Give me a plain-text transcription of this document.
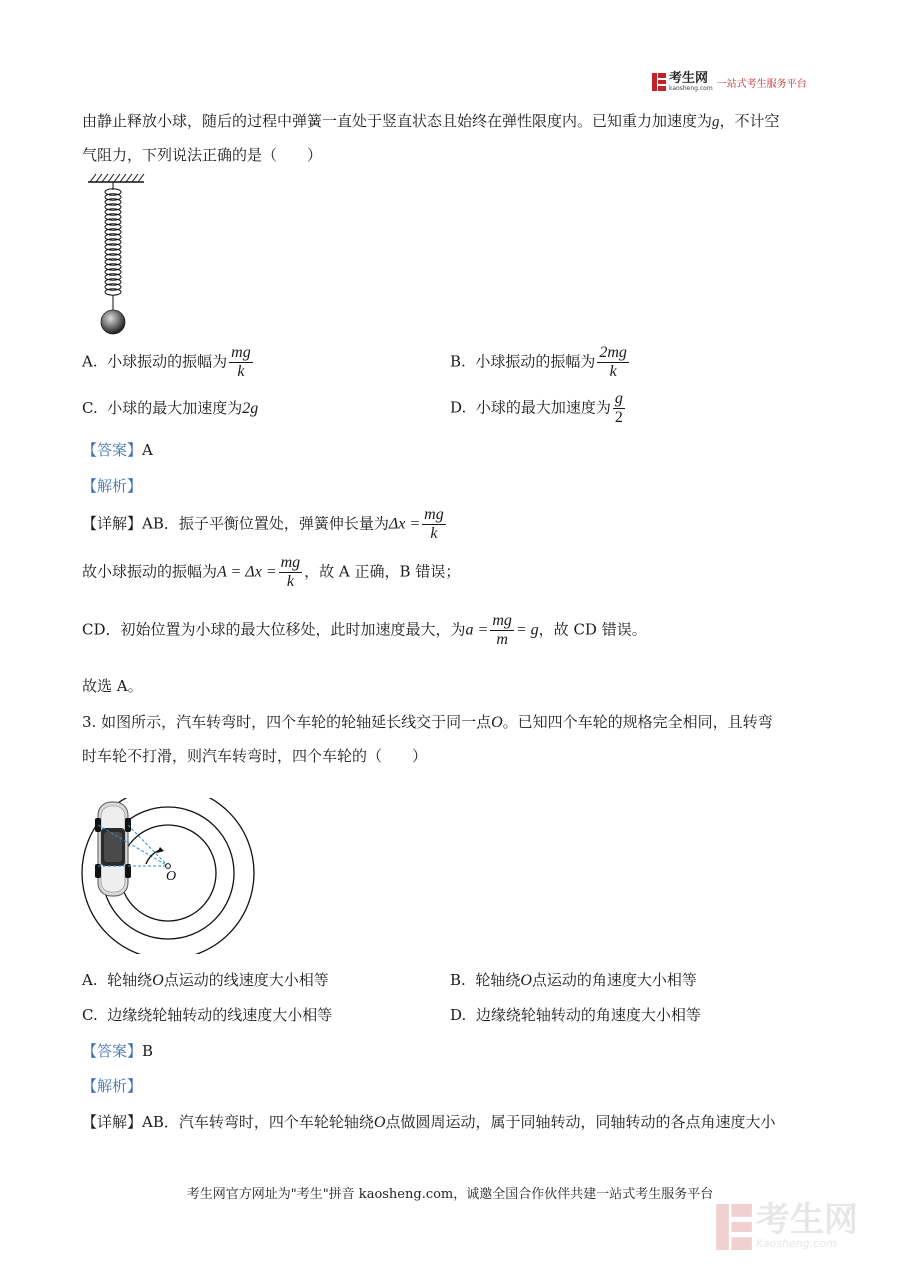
考生网
kaosheng.com 一站式考生服务平台
由静止释放小球，随后的过程中弹簧一直处于竖直状态且始终在弹性限度内。已知重力加速度为g，不计空
气阻力，下列说法正确的是（　　）
A. 小球振动的振幅为 $\frac{mg}{k}$	B. 小球振动的振幅为 $\frac{2mg}{k}$
C. 小球的最大加速度为2g	D. 小球的最大加速度为 $\frac{g}{2}$
【答案】A
【解析】
【详解】AB．振子平衡位置处，弹簧伸长量为$\Delta x = \frac{mg}{k}$
故小球振动的振幅为$A = \Delta x = \frac{mg}{k}$ ，故 A 正确，B 错误；
CD．初始位置为小球的最大位移处，此时加速度最大，为$a = \frac{mg}{m} = g$，故 CD 错误。
故选 A。
3. 如图所示，汽车转弯时，四个车轮的轮轴延长线交于同一点O。已知四个车轮的规格完全相同，且转弯
时车轮不打滑，则汽车转弯时，四个车轮的（　　）
O
A. 轮轴绕O点运动的线速度大小相等	B. 轮轴绕O点运动的角速度大小相等
C. 边缘绕轮轴转动的线速度大小相等	D. 边缘绕轮轴转动的角速度大小相等
【答案】B
【解析】
【详解】AB．汽车转弯时，四个车轮轮轴绕O点做圆周运动，属于同轴转动，同轴转动的各点角速度大小
考生网官方网址为"考生"拼音 kaosheng.com，诚邀全国合作伙伴共建一站式考生服务平台
考生网
Kaosheng.com
